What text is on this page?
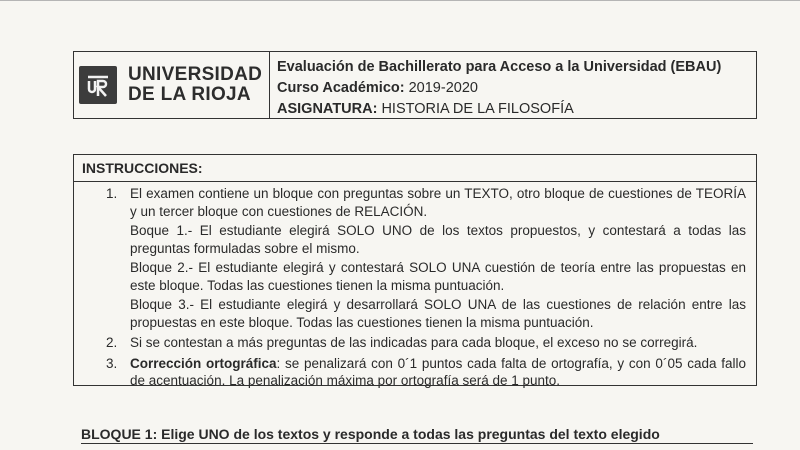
UNIVERSIDAD
DE LA RIOJA
Evaluación de Bachillerato para Acceso a la Universidad (EBAU)
Curso Académico: 2019-2020
ASIGNATURA: HISTORIA DE LA FILOSOFÍA
INSTRUCCIONES:
1. El examen contiene un bloque con preguntas sobre un TEXTO, otro bloque de cuestiones de TEORÍA y un tercer bloque con cuestiones de RELACIÓN.

Boque 1.- El estudiante elegirá SOLO UNO de los textos propuestos, y contestará a todas las preguntas formuladas sobre el mismo.

Bloque 2.- El estudiante elegirá y contestará SOLO UNA cuestión de teoría entre las propuestas en este bloque. Todas las cuestiones tienen la misma puntuación.

Bloque 3.- El estudiante elegirá y desarrollará SOLO UNA de las cuestiones de relación entre las propuestas en este bloque. Todas las cuestiones tienen la misma puntuación.

2. Si se contestan a más preguntas de las indicadas para cada bloque, el exceso no se corregirá.

3. Corrección ortográfica: se penalizará con 0´1 puntos cada falta de ortografía, y con 0´05 cada fallo de acentuación. La penalización máxima por ortografía será de 1 punto.

BLOQUE 1: Elige UNO de los textos y responde a todas las preguntas del texto elegido
